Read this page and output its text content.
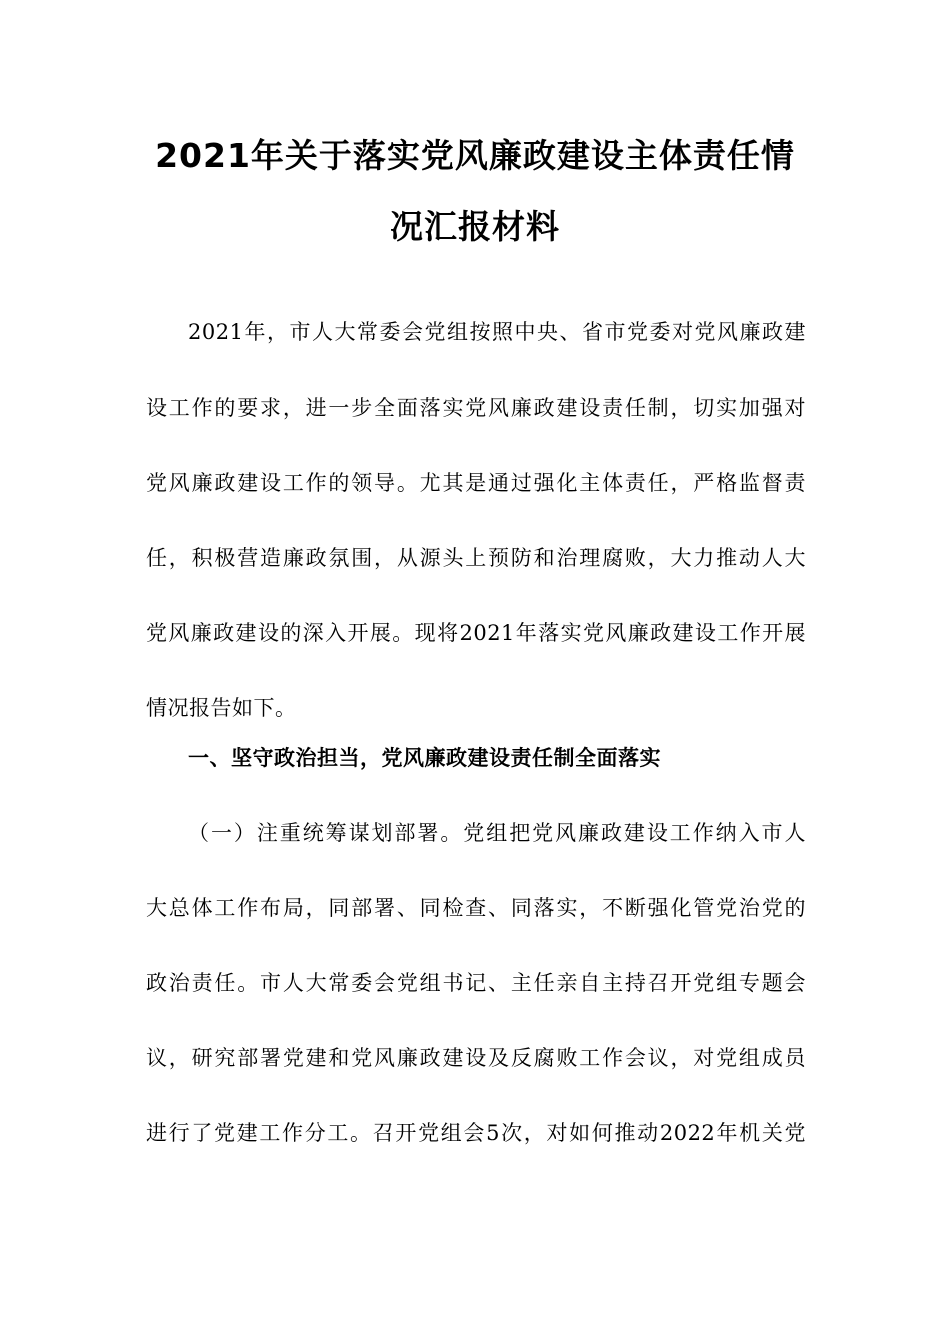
2021年关于落实党风廉政建设主体责任情
况汇报材料
2021年，市人大常委会党组按照中央、省市党委对党风廉政建
设工作的要求，进一步全面落实党风廉政建设责任制，切实加强对
党风廉政建设工作的领导。尤其是通过强化主体责任，严格监督责
任，积极营造廉政氛围，从源头上预防和治理腐败，大力推动人大
党风廉政建设的深入开展。现将2021年落实党风廉政建设工作开展
情况报告如下。
一、坚守政治担当，党风廉政建设责任制全面落实
（一）注重统筹谋划部署。党组把党风廉政建设工作纳入市人
大总体工作布局，同部署、同检查、同落实，不断强化管党治党的
政治责任。市人大常委会党组书记、主任亲自主持召开党组专题会
议，研究部署党建和党风廉政建设及反腐败工作会议，对党组成员
进行了党建工作分工。召开党组会5次，对如何推动2022年机关党
